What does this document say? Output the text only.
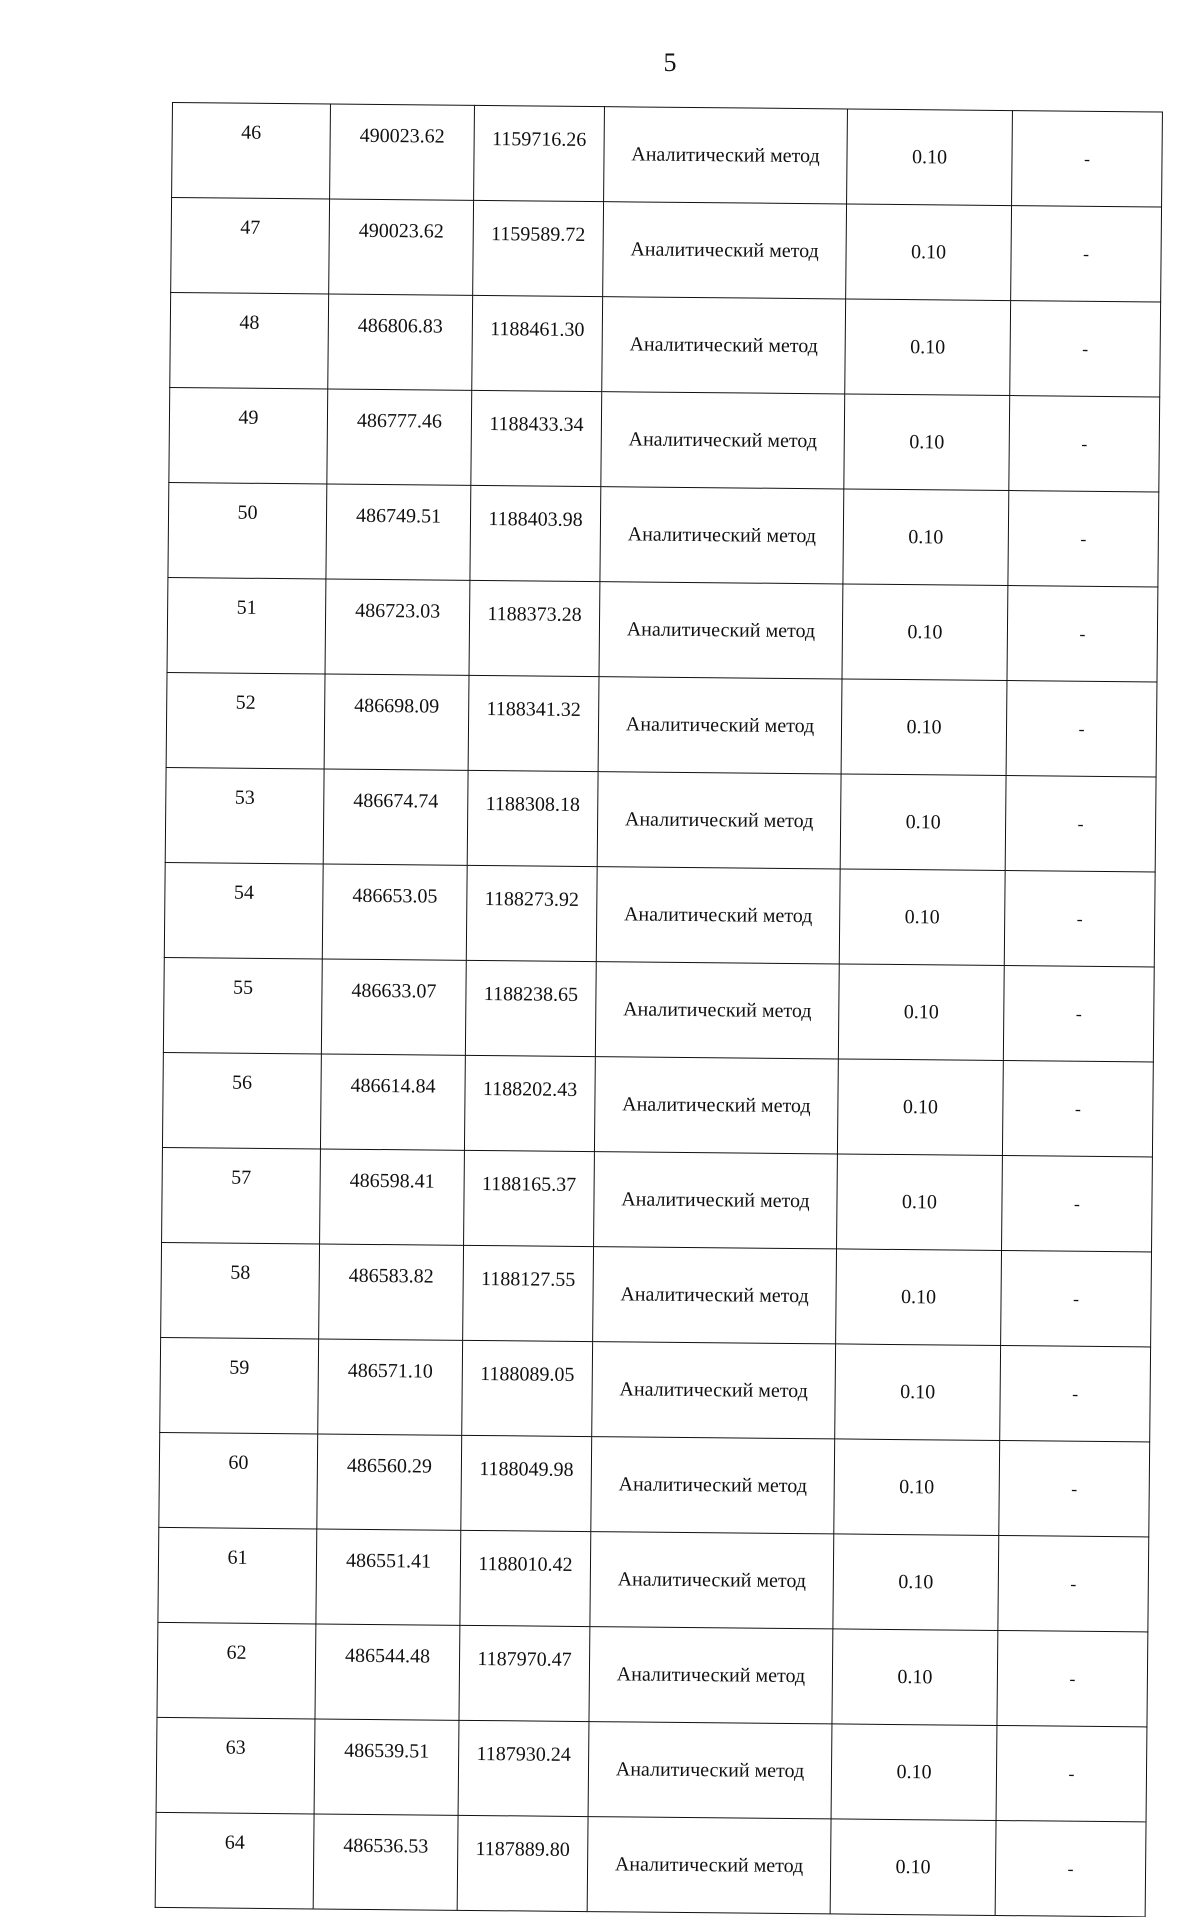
5
46	490023.62	1159716.26	Аналитический метод	0.10	-
47	490023.62	1159589.72	Аналитический метод	0.10	-
48	486806.83	1188461.30	Аналитический метод	0.10	-
49	486777.46	1188433.34	Аналитический метод	0.10	-
50	486749.51	1188403.98	Аналитический метод	0.10	-
51	486723.03	1188373.28	Аналитический метод	0.10	-
52	486698.09	1188341.32	Аналитический метод	0.10	-
53	486674.74	1188308.18	Аналитический метод	0.10	-
54	486653.05	1188273.92	Аналитический метод	0.10	-
55	486633.07	1188238.65	Аналитический метод	0.10	-
56	486614.84	1188202.43	Аналитический метод	0.10	-
57	486598.41	1188165.37	Аналитический метод	0.10	-
58	486583.82	1188127.55	Аналитический метод	0.10	-
59	486571.10	1188089.05	Аналитический метод	0.10	-
60	486560.29	1188049.98	Аналитический метод	0.10	-
61	486551.41	1188010.42	Аналитический метод	0.10	-
62	486544.48	1187970.47	Аналитический метод	0.10	-
63	486539.51	1187930.24	Аналитический метод	0.10	-
64	486536.53	1187889.80	Аналитический метод	0.10	-
